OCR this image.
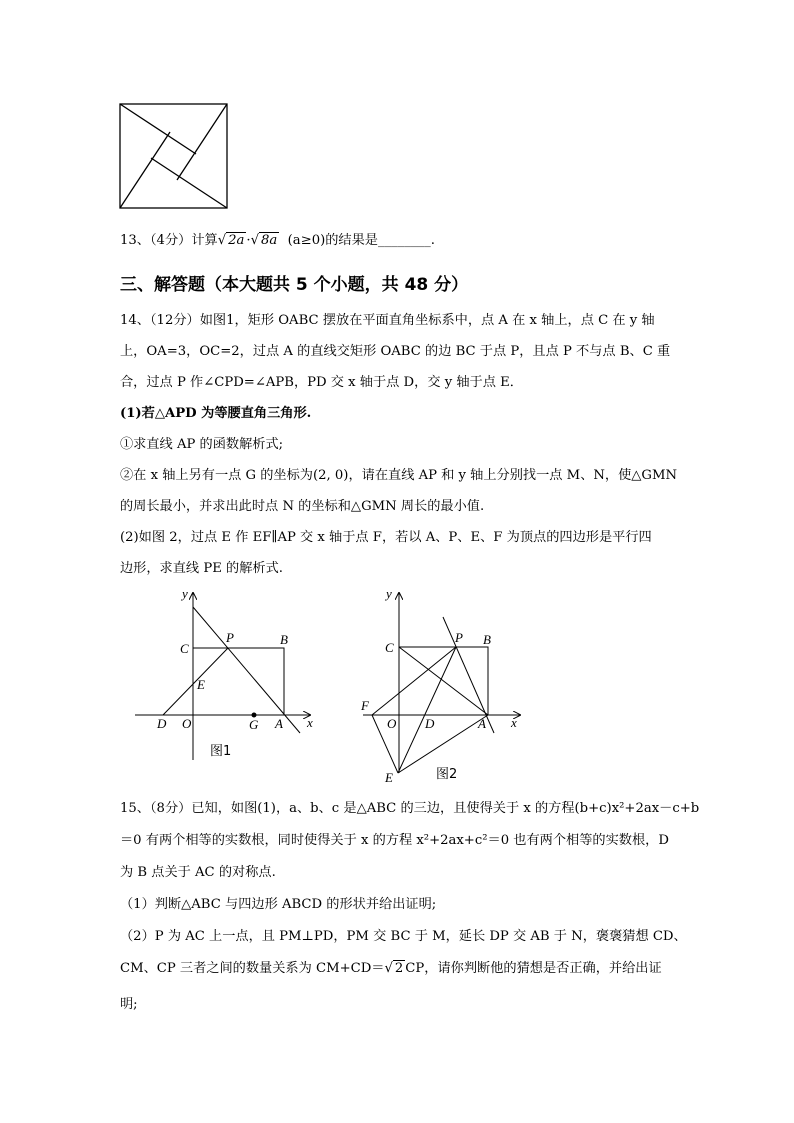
13、（4分）计算√ 2a ·√ 8a (a≥0)的结果是________.
三、解答题（本大题共 5 个小题，共 48 分）
14、（12分）如图1，矩形 OABC 摆放在平面直角坐标系中，点 A 在 x 轴上，点 C 在 y 轴
上，OA=3，OC=2，过点 A 的直线交矩形 OABC 的边 BC 于点 P，且点 P 不与点 B、C 重
合，过点 P 作∠CPD=∠APB，PD 交 x 轴于点 D，交 y 轴于点 E．
(1)若△APD 为等腰直角三角形.
①求直线 AP 的函数解析式;
②在 x 轴上另有一点 G 的坐标为(2, 0)，请在直线 AP 和 y 轴上分别找一点 M、N，使△GMN
的周长最小，并求出此时点 N 的坐标和△GMN 周长的最小值.
(2)如图 2，过点 E 作 EF∥AP 交 x 轴于点 F，若以 A、P、E、F 为顶点的四边形是平行四
边形，求直线 PE 的解析式.
y
C
P	B
E
D O	G A x
图1
y
C
P B
F
O D	A x
E	图2
15、（8分）已知，如图(1)，a、b、c 是△ABC 的三边，且使得关于 x 的方程(b+c)x²+2ax－c+b
＝0 有两个相等的实数根，同时使得关于 x 的方程 x²+2ax+c²＝0 也有两个相等的实数根，D
为 B 点关于 AC 的对称点.
（1）判断△ABC 与四边形 ABCD 的形状并给出证明;
（2）P 为 AC 上一点，且 PM⊥PD，PM 交 BC 于 M，延长 DP 交 AB 于 N，褒褒猜想 CD、
CM、CP 三者之间的数量关系为 CM+CD＝√ 2 CP，请你判断他的猜想是否正确，并给出证
明;
